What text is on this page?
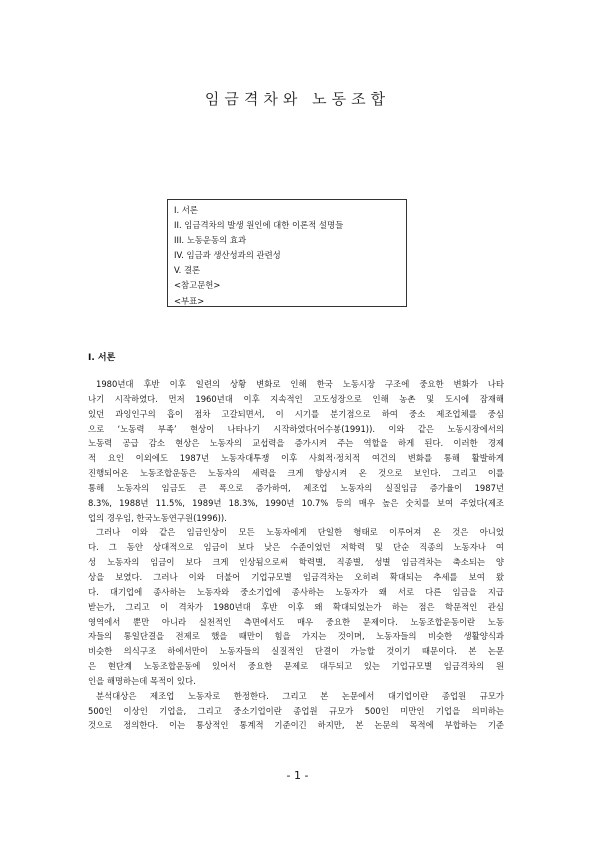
임금격차와 노동조합
I. 서론
II. 임금격차의 발생 원인에 대한 이론적 설명들
III. 노동운동의 효과
IV. 임금과 생산성과의 관련성
V. 결론
<참고문헌>
<부표>
I. 서론
1980년대 후반 이후 일련의 상황 변화로 인해 한국 노동시장 구조에 중요한 변화가 나타
나기 시작하였다. 먼저 1960년대 이후 지속적인 고도성장으로 인해 농촌 및 도시에 잠재해
있던 과잉인구의 흡이 점차 고갈되면서, 이 시기를 분기점으로 하여 중소 제조업체를 중심
으로 ‘노동력 부족’ 현상이 나타나기 시작하였다(어수봉(1991)). 이와 같은 노동시장에서의
노동력 공급 감소 현상은 노동자의 교섭력을 증가시켜 주는 역할을 하게 된다. 이러한 경제
적 요인 이외에도 1987년 노동자대투쟁 이후 사회적·정치적 여건의 변화를 통해 활발하게
진행되어온 노동조합운동은 노동자의 세력을 크게 향상시켜 온 것으로 보인다. 그리고 이를
통해 노동자의 임금도 큰 폭으로 증가하여, 제조업 노동자의 실질임금 증가율이 1987년
8.3%, 1988년 11.5%, 1989년 18.3%, 1990년 10.7% 등의 매우 높은 숫치를 보여 주었다(제조
업의 경우임, 한국노동연구원(1996)).
그러나 이와 같은 임금인상이 모든 노동자에게 단일한 형태로 이루어져 온 것은 아니었
다. 그 동안 상대적으로 임금이 보다 낮은 수준이었던 저학력 및 단순 직종의 노동자나 여
성 노동자의 임금이 보다 크게 인상됨으로써 학력별, 직종별, 성별 임금격차는 축소되는 양
상을 보였다. 그러나 이와 더불어 기업규모별 임금격차는 오히려 확대되는 추세를 보여 왔
다. 대기업에 종사하는 노동자와 중소기업에 종사하는 노동자가 왜 서로 다른 임금을 지급
받는가, 그리고 이 격차가 1980년대 후반 이후 왜 확대되었는가 하는 점은 학문적인 관심
영역에서 뿐만 아니라 실천적인 측면에서도 매우 중요한 문제이다. 노동조합운동이란 노동
자들의 통일단결을 전제로 했을 때만이 힘을 가지는 것이며, 노동자들의 비슷한 생활양식과
비슷한 의식구조 하에서만이 노동자들의 실질적인 단결이 가능할 것이기 때문이다. 본 논문
은 현단계 노동조합운동에 있어서 중요한 문제로 대두되고 있는 기업규모별 임금격차의 원
인을 해명하는데 목적이 있다.
분석대상은 제조업 노동자로 한정한다. 그리고 본 논문에서 대기업이란 종업원 규모가
500인 이상인 기업을, 그리고 중소기업이란 종업원 규모가 500인 미만인 기업을 의미하는
것으로 정의한다. 이는 통상적인 통계적 기준이긴 하지만, 본 논문의 목적에 부합하는 기준
- 1 -
